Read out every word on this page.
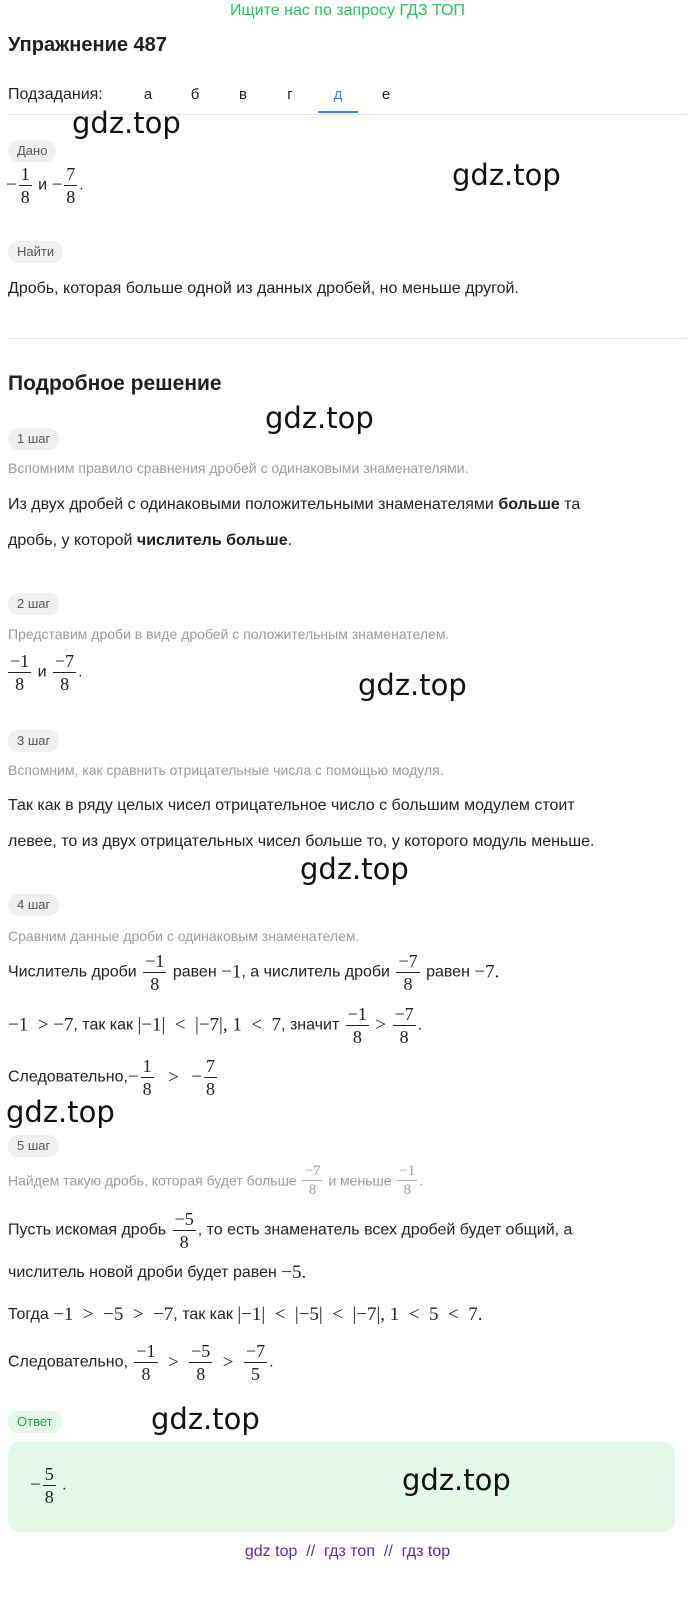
Ищите нас по запросу ГДЗ ТОП
Упражнение 487
Подзадания:	а	б	в	г	д	е
Дано
− $\frac{1}{8}$ $и - \frac{7}{8}$ .
Найти
Дробь, которая больше одной из данных дробей, но меньше другой.
Подробное решение
1 шаг
Вспомним правило сравнения дробей с одинаковыми знаменателями.
Из двух дробей с одинаковыми положительными знаменателями больше та
дробь, у которой числитель больше.
2 шаг
Представим дроби в виде дробей с положительным знаменателем.
$\frac{-1}{8}$ и $\frac{-7}{8}$ .
3 шаг
Вспомним, как сравнить отрицательные числа с помощью модуля.
Так как в ряду целых чисел отрицательное число с большим модулем стоит
левее, то из двух отрицательных чисел больше то, у которого модуль меньше.
4 шаг
Сравним данные дроби с одинаковым знаменателем.
Числитель дроби $\frac{-1}{8}$ равен −1, а числитель дроби $\frac{-7}{8}$ равен −7.
−1  > −7, так как |−1|  <  |−7|, 1  <  7, значит $\frac{-1}{8} > \frac{-7}{8}$ .
Следовательно,− $\frac{1}{8}$ > − $\frac{7}{8}$
5 шаг
Найдем такую дробь, которая будет больше $\frac{-7}{8}$ и меньше $\frac{-1}{8}$ .
Пусть искомая дробь $\frac{-5}{8}$ , то есть знаменатель всех дробей будет общий, а
числитель новой дроби будет равен −5.
Тогда −1  >  −5  >  −7, так как |−1|  <  |−5|  <  |−7|, 1  <  5  <  7.
Следовательно, $\frac{-1}{8} > \frac{-5}{8} > \frac{-7}{5}$ .
Ответ
− $\frac{5}{8}$ .
gdz.top
gdz.top
gdz.top
gdz.top
gdz.top
gdz.top
gdz.top
gdz.top
gdz top  //  гдз топ  //  гдз top
